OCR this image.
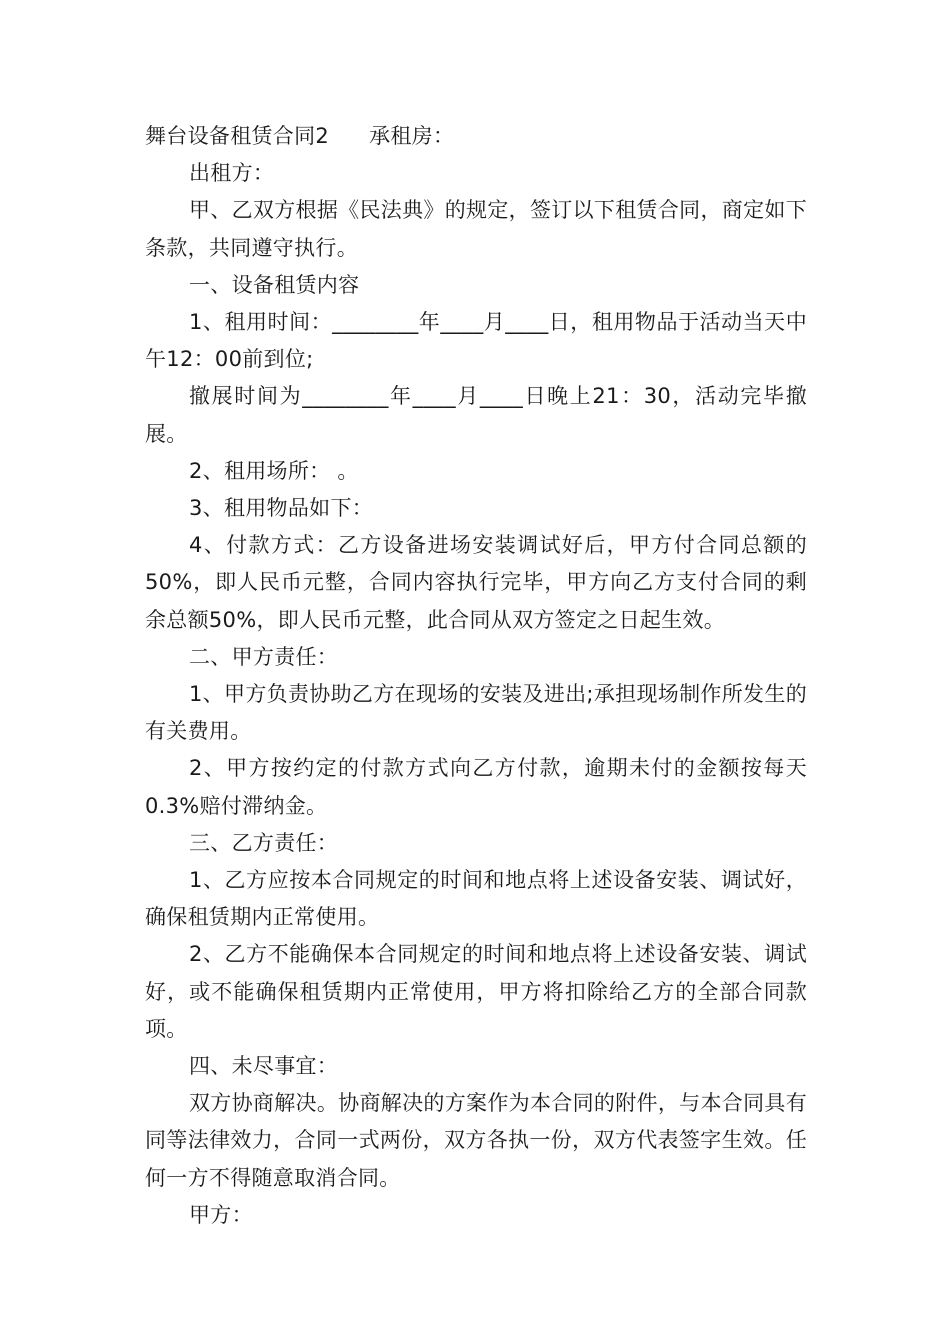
舞台设备租赁合同2 承租房：

出租方：

甲、乙双方根据《民法典》的规定，签订以下租赁合同，商定如下条款，共同遵守执行。

一、设备租赁内容

1、租用时间：________年____月____日，租用物品于活动当天中午12：00前到位;

撤展时间为________年____月____日晚上21：30，活动完毕撤展。

2、租用场所： 。

3、租用物品如下：

4、付款方式：乙方设备进场安装调试好后，甲方付合同总额的50%，即人民币元整，合同内容执行完毕，甲方向乙方支付合同的剩余总额50%，即人民币元整，此合同从双方签定之日起生效。

二、甲方责任：

1、甲方负责协助乙方在现场的安装及进出;承担现场制作所发生的有关费用。

2、甲方按约定的付款方式向乙方付款，逾期未付的金额按每天0.3%赔付滞纳金。

三、乙方责任：

1、乙方应按本合同规定的时间和地点将上述设备安装、调试好，确保租赁期内正常使用。

2、乙方不能确保本合同规定的时间和地点将上述设备安装、调试好，或不能确保租赁期内正常使用，甲方将扣除给乙方的全部合同款项。

四、未尽事宜：

双方协商解决。协商解决的方案作为本合同的附件，与本合同具有同等法律效力，合同一式两份，双方各执一份，双方代表签字生效。任何一方不得随意取消合同。

甲方：
